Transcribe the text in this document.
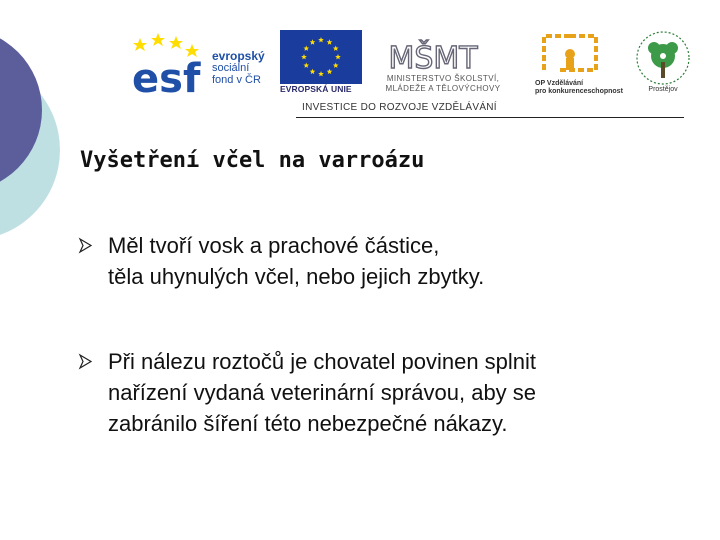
esf evropský
sociální
fond v ČR
EVROPSKÁ UNIE
MŠMT
MINISTERSTVO ŠKOLSTVÍ,
MLÁDEŽE A TĚLOVÝCHOVY
OP Vzdělávání
pro konkurenceschopnost	Prostějov
INVESTICE DO ROZVOJE VZDĚLÁVÁNÍ
Vyšetření včel na varroázu
Měl tvoří vosk a prachové částice,
těla uhynulých včel, nebo jejich zbytky.
Při nálezu roztočů je chovatel povinen splnit
nařízení vydaná veterinární správou, aby se
zabránilo šíření této nebezpečné nákazy.
